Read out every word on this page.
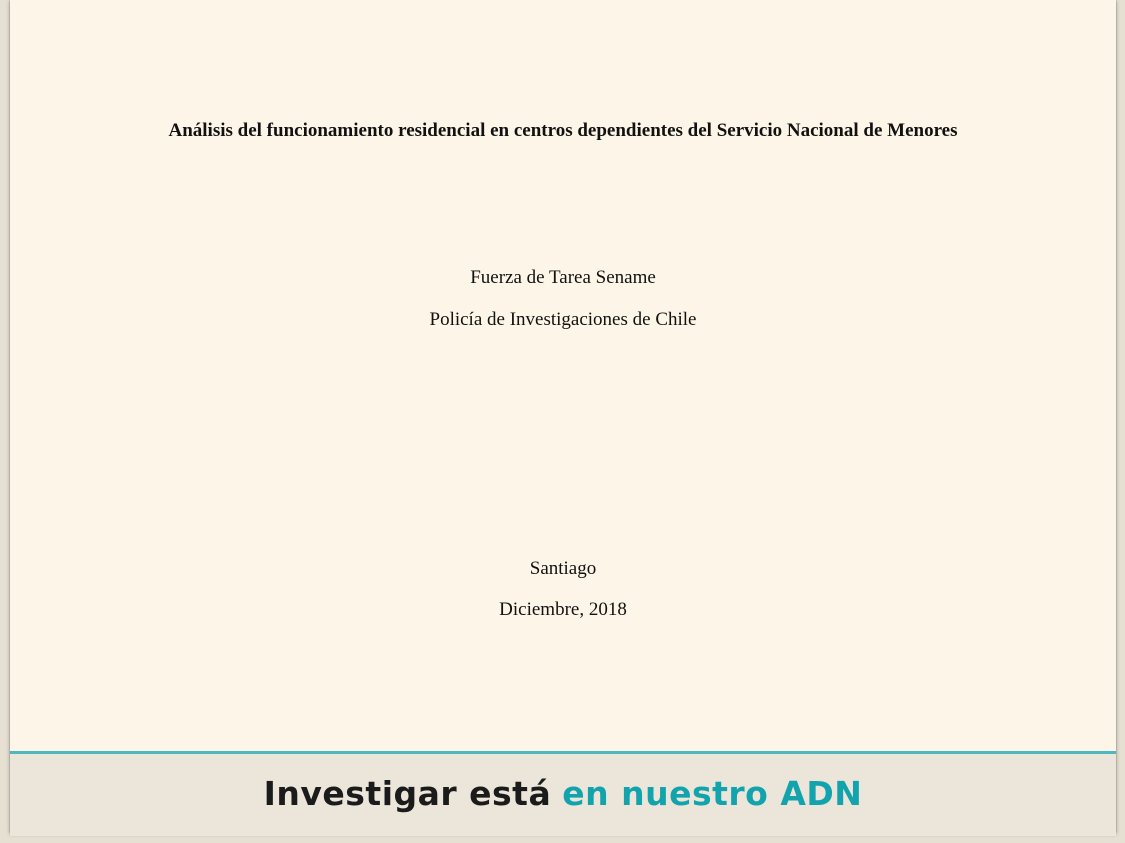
Análisis del funcionamiento residencial en centros dependientes del Servicio Nacional de Menores

Fuerza de Tarea Sename

Policía de Investigaciones de Chile

Santiago

Diciembre, 2018

Investigar está en nuestro ADN
